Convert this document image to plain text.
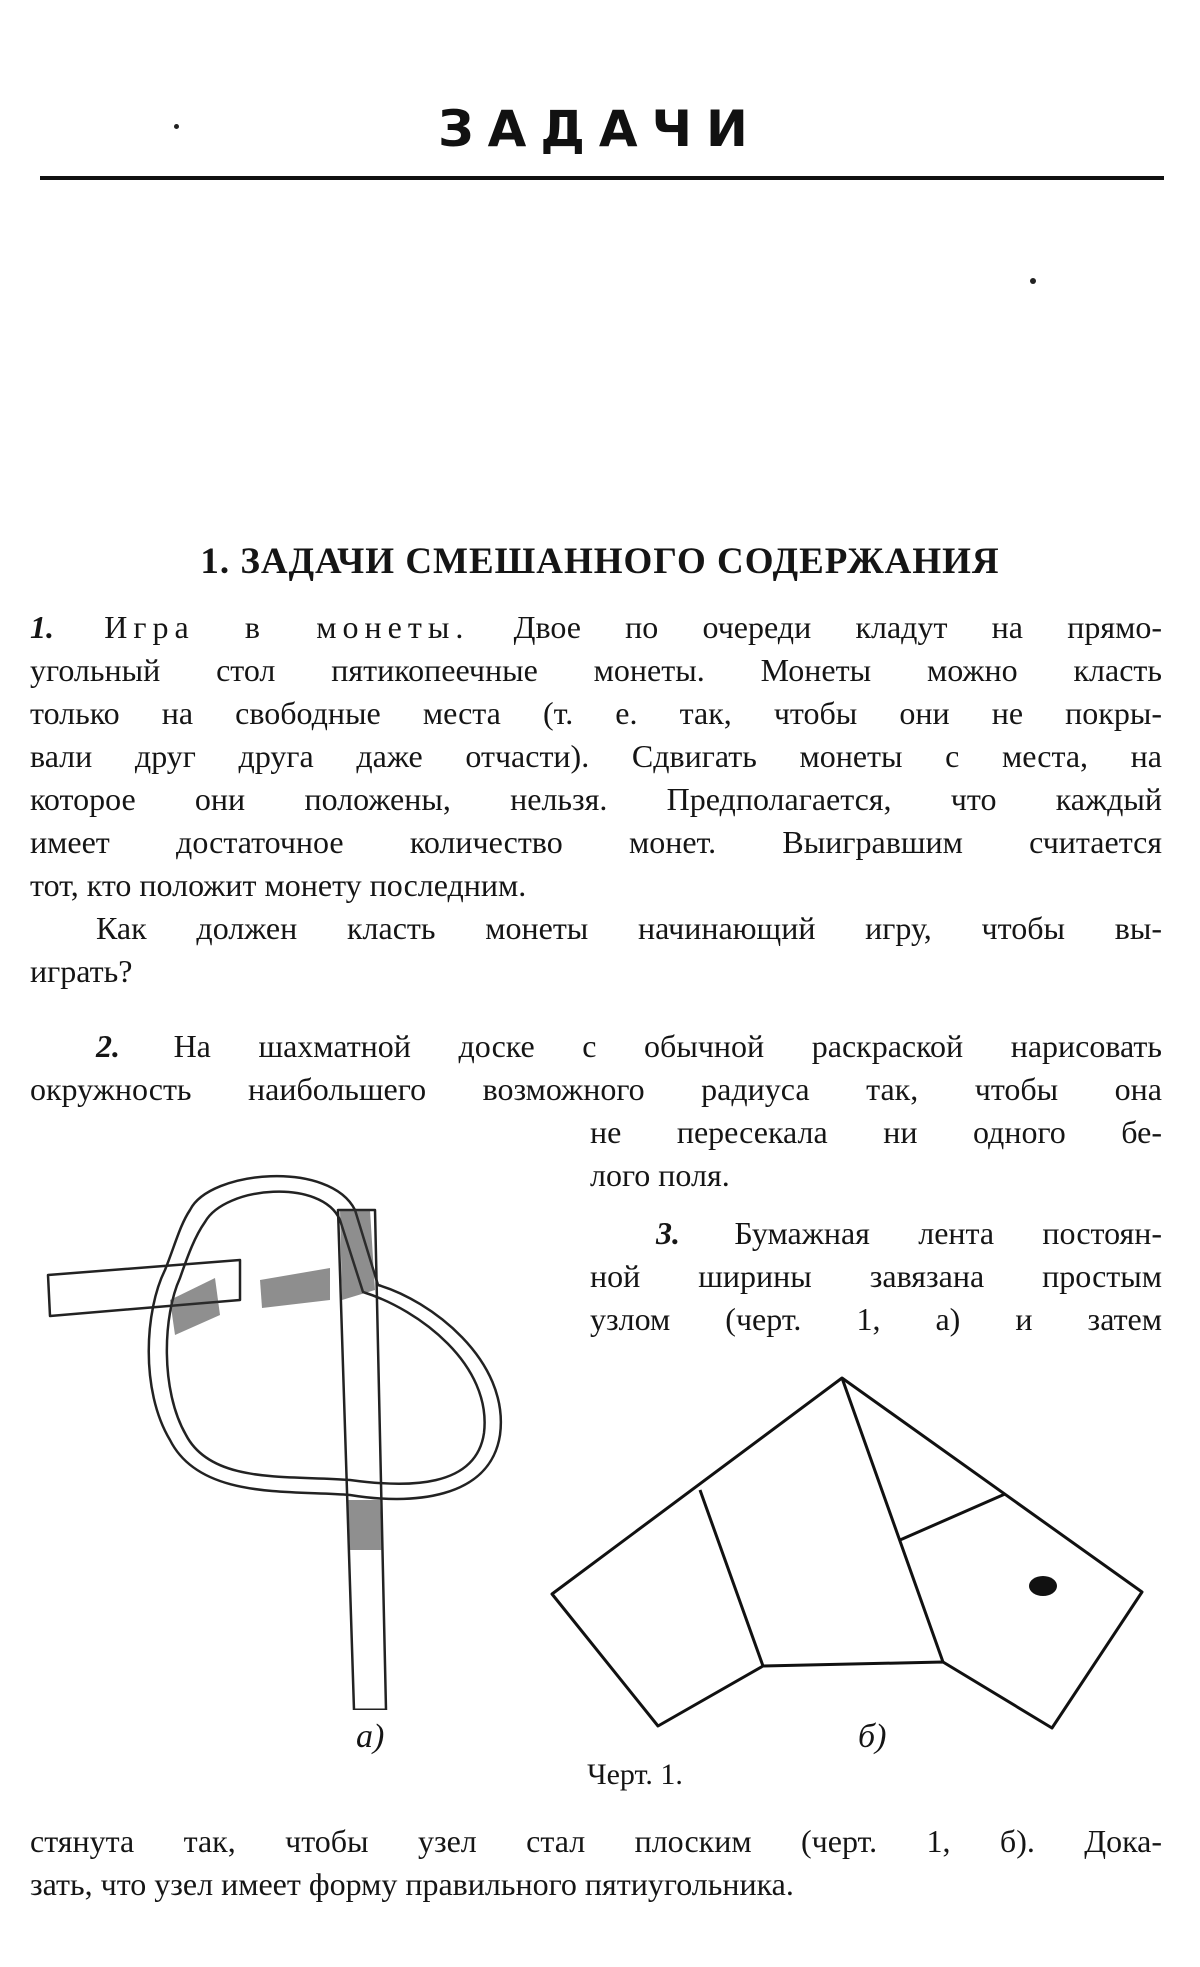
ЗАДАЧИ
1. ЗАДАЧИ СМЕШАННОГО СОДЕРЖАНИЯ
1. Игра в монеты. Двое по очереди кладут на прямо-
угольный стол пятикопеечные монеты. Монеты можно класть
только на свободные места (т. е. так, чтобы они не покры-
вали друг друга даже отчасти). Сдвигать монеты с места, на
которое они положены, нельзя. Предполагается, что каждый
имеет достаточное количество монет. Выигравшим считается
тот, кто положит монету последним.
Как должен класть монеты начинающий игру, чтобы вы-
играть?
2. На шахматной доске с обычной раскраской нарисовать
окружность наибольшего возможного радиуса так, чтобы она
не пересекала ни одного бе-
лого поля.
3. Бумажная лента постоян-
ной ширины завязана простым
узлом (черт. 1, а) и затем
а)	б)
Черт. 1.
стянута так, чтобы узел стал плоским (черт. 1, б). Дока-
зать, что узел имеет форму правильного пятиугольника.
